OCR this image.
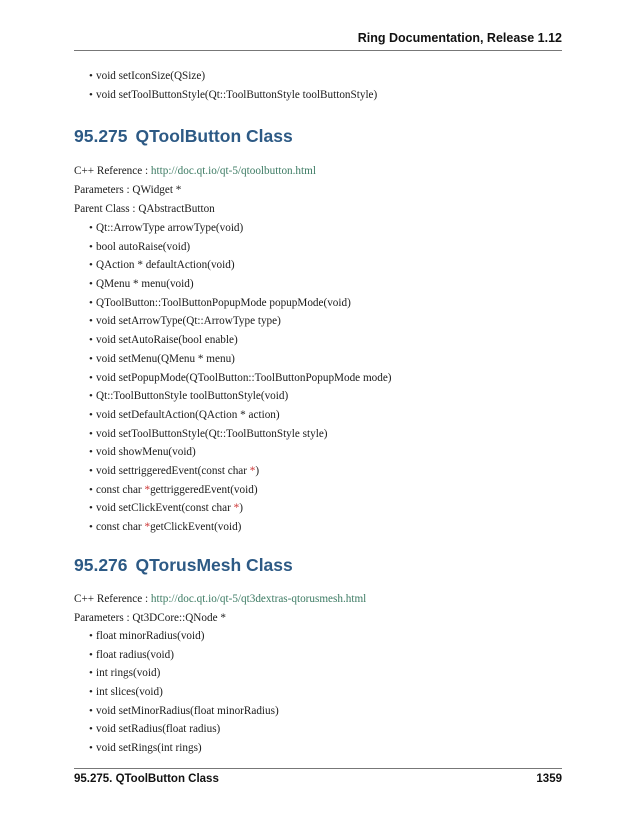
Ring Documentation, Release 1.12
• void setIconSize(QSize)
• void setToolButtonStyle(Qt::ToolButtonStyle toolButtonStyle)
95.275 QToolButton Class
C++ Reference : http://doc.qt.io/qt-5/qtoolbutton.html
Parameters : QWidget *
Parent Class : QAbstractButton
• Qt::ArrowType arrowType(void)
• bool autoRaise(void)
• QAction * defaultAction(void)
• QMenu * menu(void)
• QToolButton::ToolButtonPopupMode popupMode(void)
• void setArrowType(Qt::ArrowType type)
• void setAutoRaise(bool enable)
• void setMenu(QMenu * menu)
• void setPopupMode(QToolButton::ToolButtonPopupMode mode)
• Qt::ToolButtonStyle toolButtonStyle(void)
• void setDefaultAction(QAction * action)
• void setToolButtonStyle(Qt::ToolButtonStyle style)
• void showMenu(void)
• void settriggeredEvent(const char *)
• const char *gettriggeredEvent(void)
• void setClickEvent(const char *)
• const char *getClickEvent(void)
95.276 QTorusMesh Class
C++ Reference : http://doc.qt.io/qt-5/qt3dextras-qtorusmesh.html
Parameters : Qt3DCore::QNode *
• float minorRadius(void)
• float radius(void)
• int rings(void)
• int slices(void)
• void setMinorRadius(float minorRadius)
• void setRadius(float radius)
• void setRings(int rings)
95.275. QToolButton Class	1359
